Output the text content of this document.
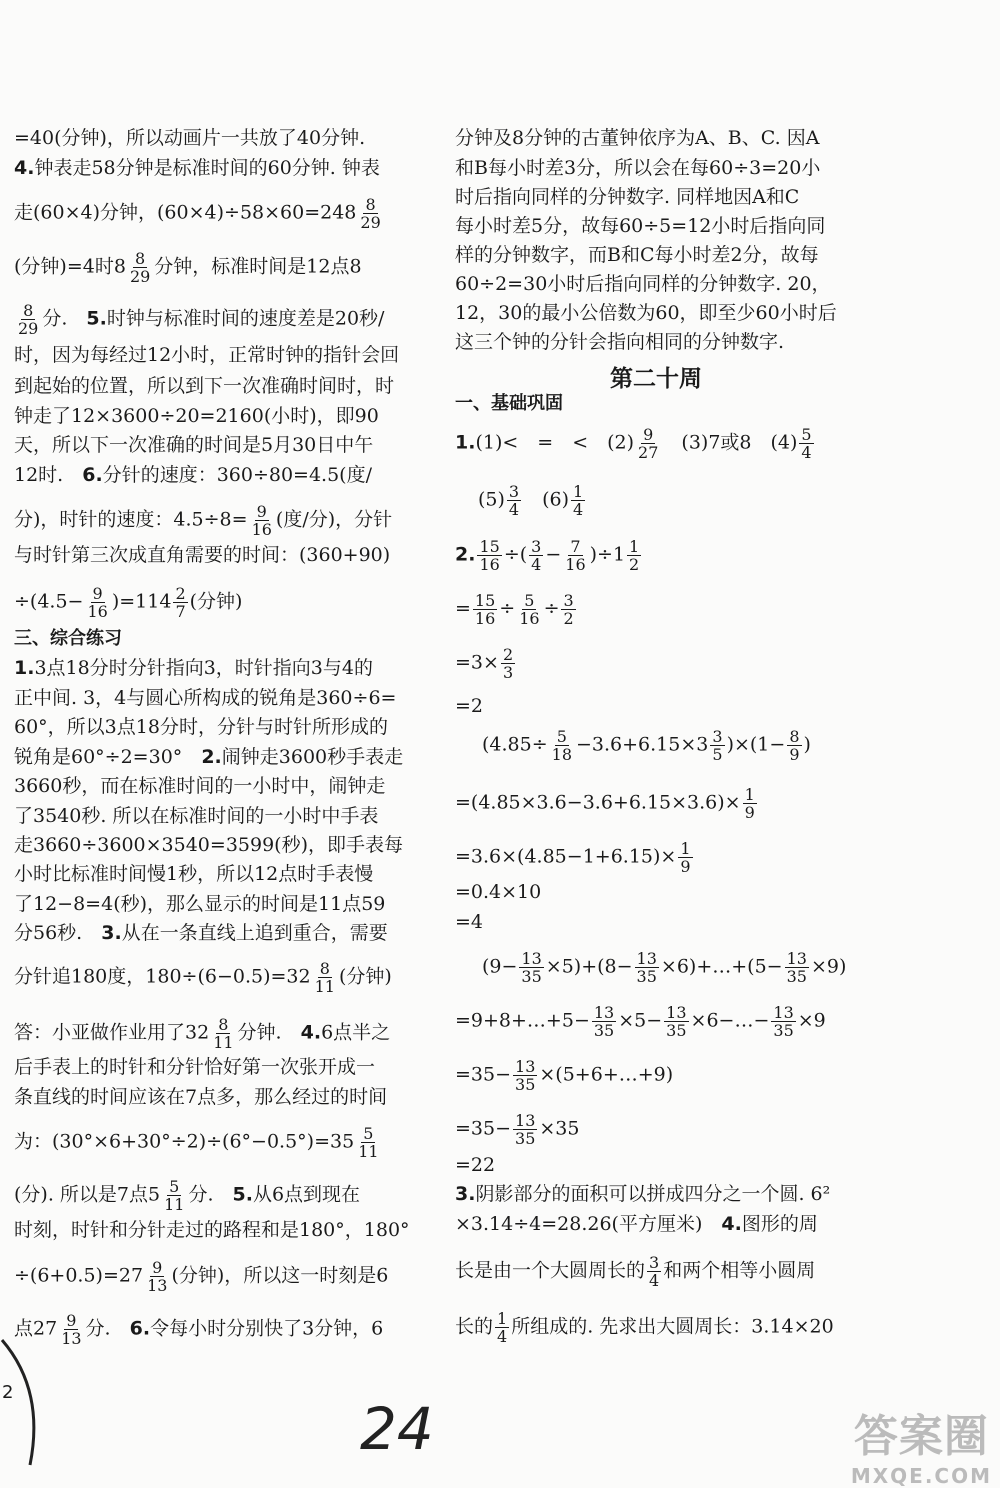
=40(分钟)，所以动画片一共放了40分钟.
4.钟表走58分钟是标准时间的60分钟. 钟表
走(60×4)分钟，$(60\times 4)\div 58\times 60=248 \frac{8}{29}$
(分钟)=4时$8 \frac{8}{29}$ 分钟，标准时间是12点8
$\frac{8}{29}$ 分.　 5.时钟与标准时间的速度差是20秒/
时，因为每经过12小时，正常时钟的指针会回
到起始的位置，所以到下一次准确时间时，时
钟走了12×3600÷20=2160(小时)，即90
天，所以下一次准确的时间是5月30日中午
12时.　 6.分针的速度：360÷80=4.5(度/
分)，时针的速度：$4.5\div 8= \frac{9}{16}$ (度/分)，分针
与时针第三次成直角需要的时间：(360+90)
$\div(4.5- \frac{9}{16} )=114 \frac{2}{7}$ (分钟)
三、综合练习
1.3点18分时分针指向3，时针指向3与4的
正中间. 3，4与圆心所构成的锐角是360÷6=
60°，所以3点18分时，分针与时针所形成的
锐角是60°÷2=30°　 2.闹钟走3600秒手表走
3660秒，而在标准时间的一小时中，闹钟走
了3540秒. 所以在标准时间的一小时中手表
走3660÷3600×3540=3599(秒)，即手表每
小时比标准时间慢1秒，所以12点时手表慢
了12−8=4(秒)，那么显示的时间是11点59
分56秒.　 3.从在一条直线上追到重合，需要
分针追180度，$180\div(6-0.5)=32 \frac{8}{11}$ (分钟)
答：小亚做作业用了$32 \frac{8}{11}$ 分钟.　 4.6点半之
后手表上的时针和分针恰好第一次张开成一
条直线的时间应该在7点多，那么经过的时间
为：$(30^\circ\times 6+30^\circ\div 2)\div(6^\circ-0.5^\circ)=35 \frac{5}{11}$
(分). 所以是7点$5 \frac{5}{11}$ 分.　 5.从6点到现在
时刻，时针和分针走过的路程和是180°，180°
$\div(6+0.5)=27 \frac{9}{13}$ (分钟)，所以这一时刻是6
点$27 \frac{9}{13}$ 分.　 6.令每小时分别快了3分钟，6
分钟及8分钟的古董钟依序为A、B、C. 因A
和B每小时差3分，所以会在每60÷3=20小
时后指向同样的分钟数字. 同样地因A和C
每小时差5分，故每60÷5=12小时后指向同
样的分钟数字，而B和C每小时差2分，故每
60÷2=30小时后指向同样的分钟数字. 20，
12，30的最小公倍数为60，即至少60小时后
这三个钟的分针会指向相同的分钟数字.
第二十周
一、基础巩固
1.(1)<　=　<　$(2) \frac{9}{27}$ 　(3)7或8　$(4) \frac{5}{4}$
$(5) \frac{3}{4}$ 　$(6) \frac{1}{4}$
2. $\frac{15}{16}$ ÷( $\frac{3}{4} - \frac{7}{16} )\div 1 \frac{1}{2}$
= $\frac{15}{16} \div \frac{5}{16} \div \frac{3}{2}$
$=3\times \frac{2}{3}$
=2
$(4.85\div \frac{5}{18} -3.6+6.15\times 3 \frac{3}{5} )\times(1- \frac{8}{9}$ )
$=(4.85\times 3.6-3.6+6.15\times 3.6)\times \frac{1}{9}$
$=3.6\times(4.85-1+6.15)\times \frac{1}{9}$
=0.4×10
=4
$(9- \frac{13}{35} \times 5)+(8- \frac{13}{35}$ ×6)+…+(5− $\frac{13}{35} \times 9$)
=9+8+…+5− $\frac{13}{35} \times 5- \frac{13}{35}$ ×6−…− $\frac{13}{35} \times 9$
$=35- \frac{13}{35}$ ×(5+6+…+9)
$=35- \frac{13}{35} \times 35$
=22
3.阴影部分的面积可以拼成四分之一个圆. 6²
×3.14÷4=28.26(平方厘米)　 4.图形的周
长是由一个大圆周长的 $\frac{3}{4}$ 和两个相等小圆周
长的 $\frac{1}{4}$ 所组成的. 先求出大圆周长：3.14×20
2
24	答案圈
MXQE.COM
